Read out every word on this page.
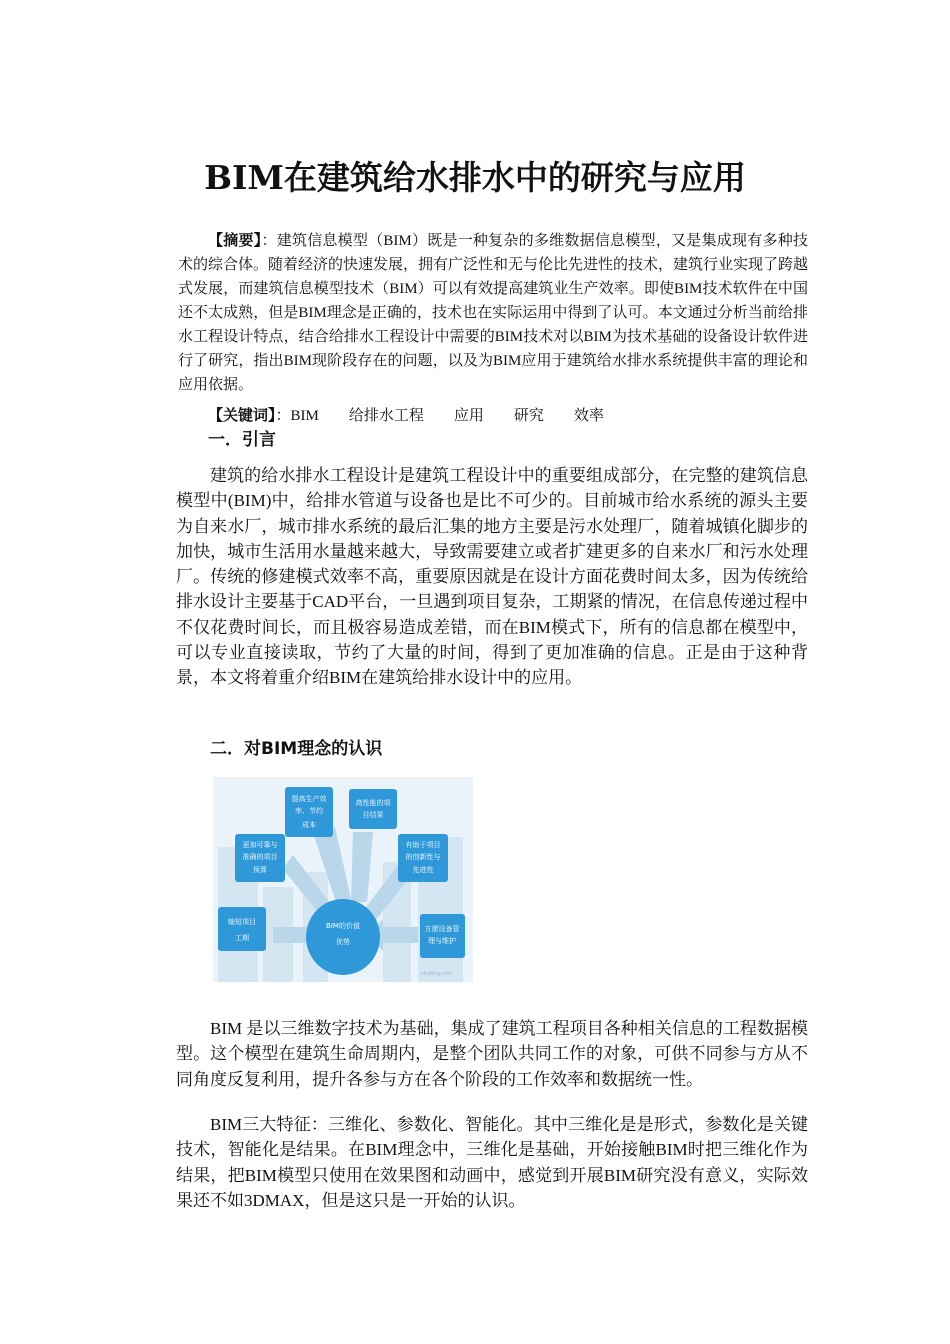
BIM在建筑给水排水中的研究与应用
【摘要】：建筑信息模型（BIM）既是一种复杂的多维数据信息模型，又是集成现有多种技术的综合体。随着经济的快速发展，拥有广泛性和无与伦比先进性的技术，建筑行业实现了跨越式发展，而建筑信息模型技术（BIM）可以有效提高建筑业生产效率。即使BIM技术软件在中国还不太成熟，但是BIM理念是正确的，技术也在实际运用中得到了认可。本文通过分析当前给排水工程设计特点，结合给排水工程设计中需要的BIM技术对以BIM为技术基础的设备设计软件进行了研究，指出BIM现阶段存在的问题，以及为BIM应用于建筑给水排水系统提供丰富的理论和应用依据。
【关键词】：BIM 给排水工程 应用 研究 效率
一．引言
建筑的给水排水工程设计是建筑工程设计中的重要组成部分，在完整的建筑信息模型中(BIM)中，给排水管道与设备也是比不可少的。目前城市给水系统的源头主要为自来水厂，城市排水系统的最后汇集的地方主要是污水处理厂，随着城镇化脚步的加快，城市生活用水量越来越大，导致需要建立或者扩建更多的自来水厂和污水处理厂。传统的修建模式效率不高，重要原因就是在设计方面花费时间太多，因为传统给排水设计主要基于CAD平台，一旦遇到项目复杂，工期紧的情况，在信息传递过程中不仅花费时间长，而且极容易造成差错，而在BIM模式下，所有的信息都在模型中，可以专业直接读取，节约了大量的时间，得到了更加准确的信息。正是由于这种背景，本文将着重介绍BIM在建筑给排水设计中的应用。
二．对BIM理念的认识
BIM的价值
优势
提高生产效
率、节约
成本
高性能的项
目结果
更加可靠与
准确的项目
预算
有助于项目
的创新性与
先进性
缩短项目
工期
方便设备管
理与维护
zhulong.com
BIM 是以三维数字技术为基础，集成了建筑工程项目各种相关信息的工程数据模型。这个模型在建筑生命周期内，是整个团队共同工作的对象，可供不同参与方从不同角度反复利用，提升各参与方在各个阶段的工作效率和数据统一性。
BIM三大特征：三维化、参数化、智能化。其中三维化是是形式，参数化是关键技术，智能化是结果。在BIM理念中，三维化是基础，开始接触BIM时把三维化作为结果，把BIM模型只使用在效果图和动画中，感觉到开展BIM研究没有意义，实际效果还不如3DMAX，但是这只是一开始的认识。
